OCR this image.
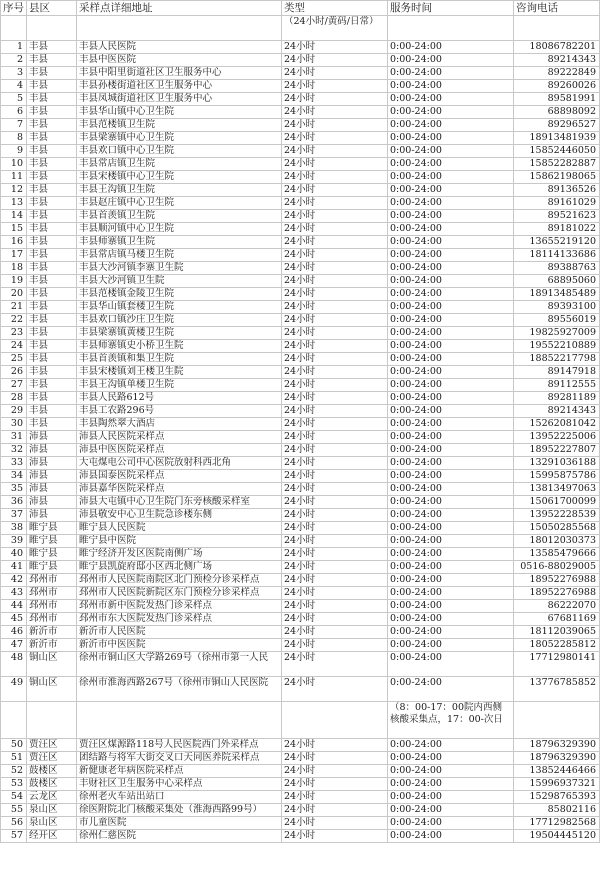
序号	县区	采样点详细地址	类型	服务时间	咨询电话
			（24小时/黄码/日常）		
1	丰县	丰县人民医院	24小时	0:00-24:00	18086782201
2	丰县	丰县中医医院	24小时	0:00-24:00	89214343
3	丰县	丰县中阳里街道社区卫生服务中心	24小时	0:00-24:00	89222849
4	丰县	丰县孙楼街道社区卫生服务中心	24小时	0:00-24:00	89260026
5	丰县	丰县凤城街道社区卫生服务中心	24小时	0:00-24:00	89581991
6	丰县	丰县华山镇中心卫生院	24小时	0:00-24:00	68898092
7	丰县	丰县范楼镇卫生院	24小时	0:00-24:00	89296527
8	丰县	丰县梁寨镇中心卫生院	24小时	0:00-24:00	18913481939
9	丰县	丰县欢口镇中心卫生院	24小时	0:00-24:00	15852446050
10	丰县	丰县常店镇卫生院	24小时	0:00-24:00	15852282887
11	丰县	丰县宋楼镇中心卫生院	24小时	0:00-24:00	15862198065
12	丰县	丰县王沟镇卫生院	24小时	0:00-24:00	89136526
13	丰县	丰县赵庄镇中心卫生院	24小时	0:00-24:00	89161029
14	丰县	丰县首羡镇卫生院	24小时	0:00-24:00	89521623
15	丰县	丰县顺河镇中心卫生院	24小时	0:00-24:00	89181022
16	丰县	丰县师寨镇卫生院	24小时	0:00-24:00	13655219120
17	丰县	丰县常店镇马楼卫生院	24小时	0:00-24:00	18114133686
18	丰县	丰县大沙河镇李寨卫生院	24小时	0:00-24:00	89388763
19	丰县	丰县大沙河镇卫生院	24小时	0:00-24:00	68895060
20	丰县	丰县范楼镇金陵卫生院	24小时	0:00-24:00	18913485489
21	丰县	丰县华山镇套楼卫生院	24小时	0:00-24:00	89393100
22	丰县	丰县欢口镇沙庄卫生院	24小时	0:00-24:00	89556019
23	丰县	丰县梁寨镇黄楼卫生院	24小时	0:00-24:00	19825927009
24	丰县	丰县师寨镇史小桥卫生院	24小时	0:00-24:00	19552210889
25	丰县	丰县首羡镇和集卫生院	24小时	0:00-24:00	18852217798
26	丰县	丰县宋楼镇刘王楼卫生院	24小时	0:00-24:00	89147918
27	丰县	丰县王沟镇单楼卫生院	24小时	0:00-24:00	89112555
28	丰县	丰县人民路612号	24小时	0:00-24:00	89281189
29	丰县	丰县工农路296号	24小时	0:00-24:00	89214343
30	丰县	丰县陶然翠大酒店	24小时	0:00-24:00	15262081042
31	沛县	沛县人民医院采样点	24小时	0:00-24:00	13952225006
32	沛县	沛县中医医院采样点	24小时	0:00-24:00	18952227807
33	沛县	大屯煤电公司中心医院放射科西北角	24小时	0:00-24:00	13291036188
34	沛县	沛县国泰医院采样点	24小时	0:00-24:00	15995875786
35	沛县	沛县嘉华医院采样点	24小时	0:00-24:00	13813497063
36	沛县	沛县大屯镇中心卫生院门东旁核酸采样室	24小时	0:00-24:00	15061700099
37	沛县	沛县敬安中心卫生院急诊楼东侧	24小时	0:00-24:00	13952228539
38	睢宁县	睢宁县人民医院	24小时	0:00-24:00	15050285568
39	睢宁县	睢宁县中医院	24小时	0:00-24:00	18012030373
40	睢宁县	睢宁经济开发区医院南侧广场	24小时	0:00-24:00	13585479666
41	睢宁县	睢宁县凯旋府邸小区西北侧广场	24小时	0:00-24:00	0516-88029005
42	邳州市	邳州市人民医院南院区北门预检分诊采样点	24小时	0:00-24:00	18952276988
43	邳州市	邳州市人民医院新院区东门预检分诊采样点	24小时	0:00-24:00	18952276988
44	邳州市	邳州市新中医院发热门诊采样点	24小时	0:00-24:00	86222070
45	邳州市	邳州市东大医院发热门诊采样点	24小时	0:00-24:00	67681169
46	新沂市	新沂市人民医院	24小时	0:00-24:00	18112039065
47	新沂市	新沂市中医医院	24小时	0:00-24:00	18052285812
48	铜山区	徐州市铜山区大学路269号（徐州市第一人民	24小时	0:00-24:00	17712980141
49	铜山区	徐州市淮海西路267号（徐州市铜山人民医院	24小时	0:00-24:00	13776785852
				（8：00-17：00院内西侧核酸采集点，17：00-次日	
50	贾汪区	贾汪区煤源路118号人民医院西门外采样点	24小时	0:00-24:00	18796329390
51	贾汪区	团结路与将军大街交叉口天同医养院采样点	24小时	0:00-24:00	18796329390
52	鼓楼区	新健康老年病医院采样点	24小时	0:00-24:00	13852446466
53	鼓楼区	丰财社区卫生服务中心采样点	24小时	0:00-24:00	15996937321
54	云龙区	徐州老火车站出站口	24小时	0:00-24:00	15298765393
55	泉山区	徐医附院北门核酸采集处（淮海西路99号）	24小时	0:00-24:00	85802116
56	泉山区	市儿童医院	24小时	0:00-24:00	17712982568
57	经开区	徐州仁慈医院	24小时	0:00-24:00	19504445120
